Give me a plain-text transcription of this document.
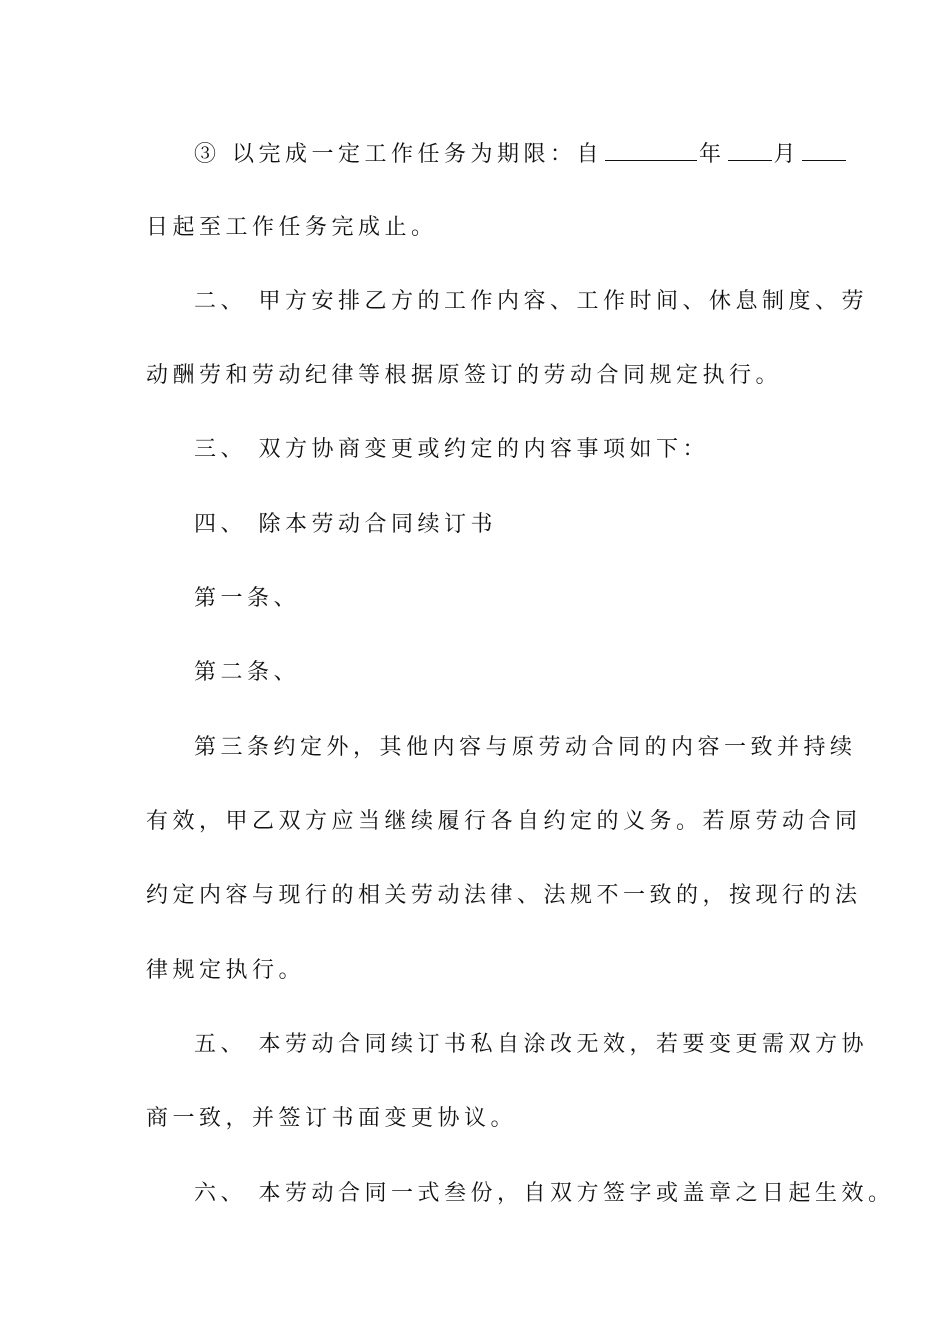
③ 以完成一定工作任务为期限：自	年 月

日起至工作任务完成止。

二、 甲方安排乙方的工作内容、工作时间、休息制度、劳

动酬劳和劳动纪律等根据原签订的劳动合同规定执行。

三、 双方协商变更或约定的内容事项如下：

四、 除本劳动合同续订书

第一条、

第二条、

第三条约定外，其他内容与原劳动合同的内容一致并持续

有效，甲乙双方应当继续履行各自约定的义务。若原劳动合同

约定内容与现行的相关劳动法律、法规不一致的，按现行的法

律规定执行。

五、 本劳动合同续订书私自涂改无效，若要变更需双方协

商一致，并签订书面变更协议。

六、 本劳动合同一式叁份，自双方签字或盖章之日起生效。
